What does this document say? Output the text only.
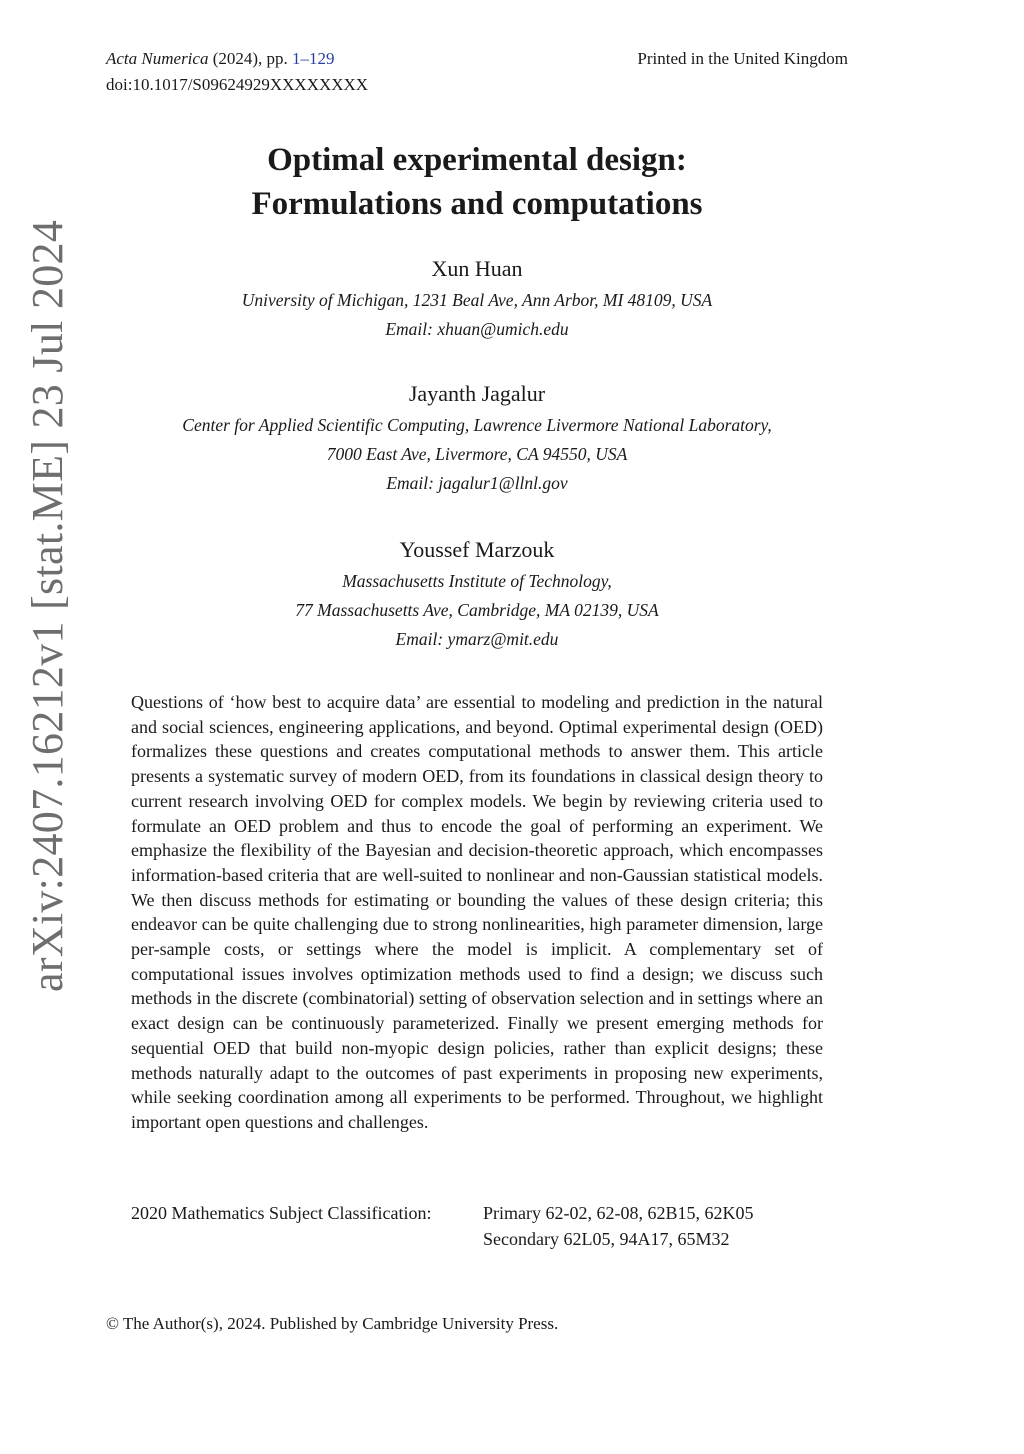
Acta Numerica (2024), pp. 1–129
doi:10.1017/S09624929XXXXXXXX
Printed in the United Kingdom
arXiv:2407.16212v1 [stat.ME] 23 Jul 2024
Optimal experimental design:
Formulations and computations
Xun Huan
University of Michigan, 1231 Beal Ave, Ann Arbor, MI 48109, USA
Email: xhuan@umich.edu
Jayanth Jagalur
Center for Applied Scientific Computing, Lawrence Livermore National Laboratory,
7000 East Ave, Livermore, CA 94550, USA
Email: jagalur1@llnl.gov
Youssef Marzouk
Massachusetts Institute of Technology,
77 Massachusetts Ave, Cambridge, MA 02139, USA
Email: ymarz@mit.edu

Questions of ‘how best to acquire data’ are essential to modeling and prediction in the natural and social sciences, engineering applications, and beyond. Optimal experimental design (OED) formalizes these questions and creates computational methods to answer them. This article presents a systematic survey of modern OED, from its foundations in classical design theory to current research involving OED for complex models. We begin by reviewing criteria used to formulate an OED problem and thus to encode the goal of performing an experiment. We emphasize the flexibility of the Bayesian and decision-theoretic approach, which encompasses information-based criteria that are well-suited to nonlinear and non-Gaussian statistical models. We then discuss methods for estimating or bounding the values of these design criteria; this endeavor can be quite challenging due to strong nonlinearities, high parameter dimension, large per-sample costs, or settings where the model is implicit. A complementary set of computational issues involves optimization methods used to find a design; we discuss such methods in the discrete (combinatorial) setting of observation selection and in settings where an exact design can be continuously parameterized. Finally we present emerging methods for sequential OED that build non-myopic design policies, rather than explicit designs; these methods naturally adapt to the outcomes of past experiments in proposing new experiments, while seeking coordination among all experiments to be performed. Throughout, we highlight important open questions and challenges.

2020 Mathematics Subject Classification:	Primary 62-02, 62-08, 62B15, 62K05
Secondary 62L05, 94A17, 65M32
© The Author(s), 2024. Published by Cambridge University Press.
